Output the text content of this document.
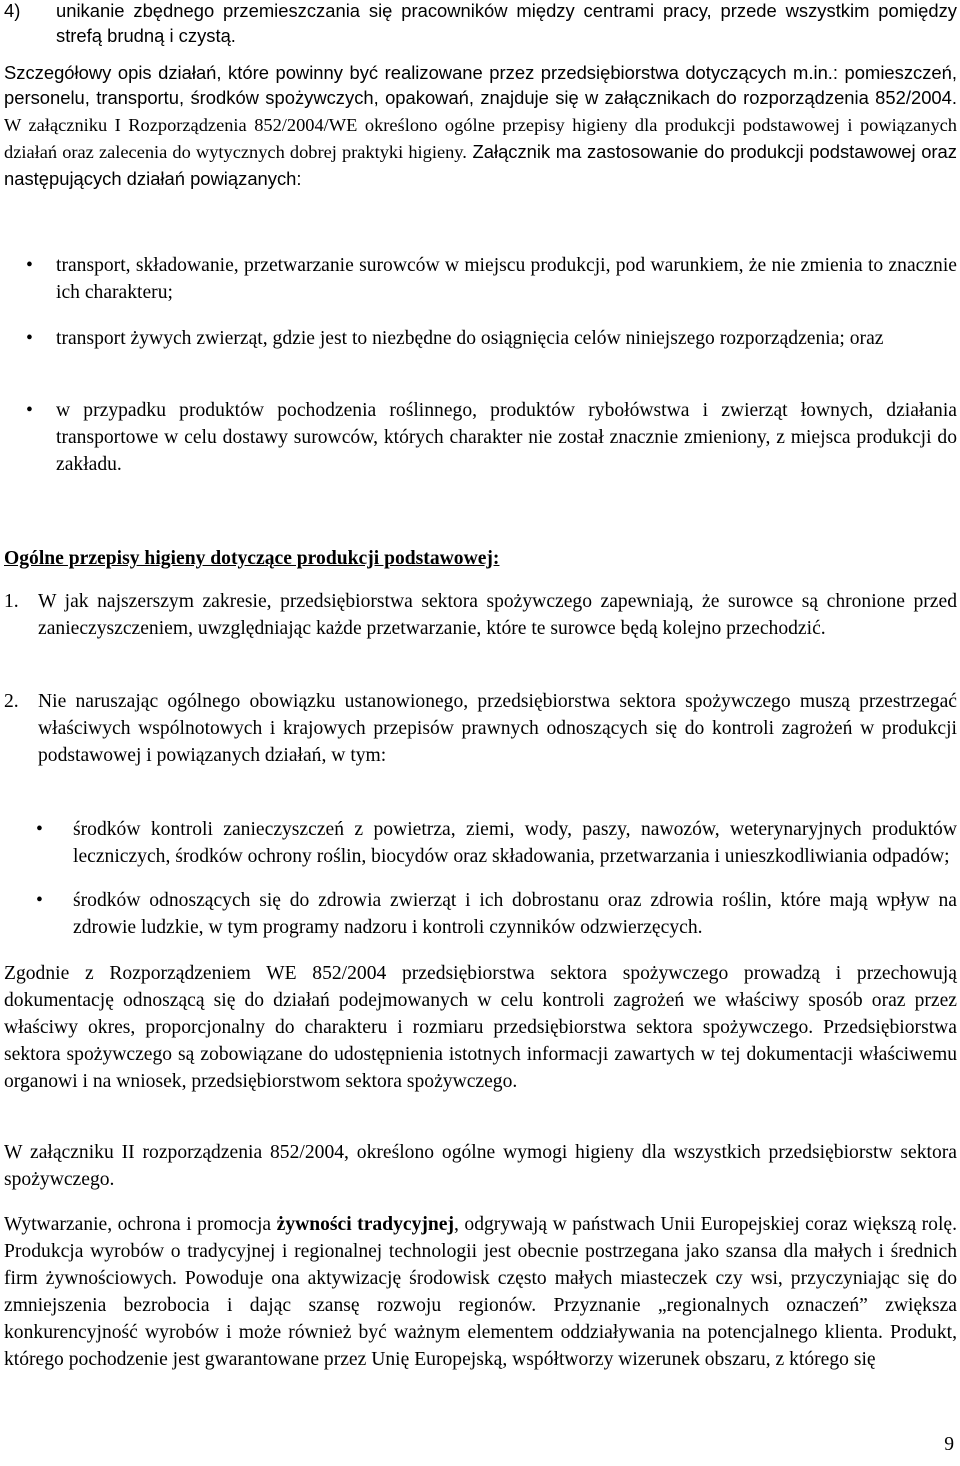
4)	unikanie zbędnego przemieszczania się pracowników między centrami pracy, przede wszystkim pomiędzy strefą brudną i czystą.

Szczegółowy opis działań, które powinny być realizowane przez przedsiębiorstwa dotyczących m.in.: pomieszczeń, personelu, transportu, środków spożywczych, opakowań, znajduje się w załącznikach do rozporządzenia 852/2004. W załączniku I Rozporządzenia 852/2004/WE określono ogólne przepisy higieny dla produkcji podstawowej i powiązanych działań oraz zalecenia do wytycznych dobrej praktyki higieny. Załącznik ma zastosowanie do produkcji podstawowej oraz następujących działań powiązanych:

•	transport, składowanie, przetwarzanie surowców w miejscu produkcji, pod warunkiem, że nie zmienia to znacznie ich charakteru;
•	transport żywych zwierząt, gdzie jest to niezbędne do osiągnięcia celów niniejszego rozporządzenia; oraz
•	w przypadku produktów pochodzenia roślinnego, produktów rybołówstwa i zwierząt łownych, działania transportowe w celu dostawy surowców, których charakter nie został znacznie zmieniony, z miejsca produkcji do zakładu.

Ogólne przepisy higieny dotyczące produkcji podstawowej:

1. W jak najszerszym zakresie, przedsiębiorstwa sektora spożywczego zapewniają, że surowce są chronione przed zanieczyszczeniem, uwzględniając każde przetwarzanie, które te surowce będą kolejno przechodzić.
2. Nie naruszając ogólnego obowiązku ustanowionego, przedsiębiorstwa sektora spożywczego muszą przestrzegać właściwych wspólnotowych i krajowych przepisów prawnych odnoszących się do kontroli zagrożeń w produkcji podstawowej i powiązanych działań, w tym:
•	środków kontroli zanieczyszczeń z powietrza, ziemi, wody, paszy, nawozów, weterynaryjnych produktów leczniczych, środków ochrony roślin, biocydów oraz składowania, przetwarzania i unieszkodliwiania odpadów;
•	środków odnoszących się do zdrowia zwierząt i ich dobrostanu oraz zdrowia roślin, które mają wpływ na zdrowie ludzkie, w tym programy nadzoru i kontroli czynników odzwierzęcych.

Zgodnie z Rozporządzeniem WE 852/2004 przedsiębiorstwa sektora spożywczego prowadzą i przechowują dokumentację odnoszącą się do działań podejmowanych w celu kontroli zagrożeń we właściwy sposób oraz przez właściwy okres, proporcjonalny do charakteru i rozmiaru przedsiębiorstwa sektora spożywczego. Przedsiębiorstwa sektora spożywczego są zobowiązane do udostępnienia istotnych informacji zawartych w tej dokumentacji właściwemu organowi i na wniosek, przedsiębiorstwom sektora spożywczego.

W załączniku II rozporządzenia 852/2004, określono ogólne wymogi higieny dla wszystkich przedsiębiorstw sektora spożywczego.

Wytwarzanie, ochrona i promocja żywności tradycyjnej, odgrywają w państwach Unii Europejskiej coraz większą rolę. Produkcja wyrobów o tradycyjnej i regionalnej technologii jest obecnie postrzegana jako szansa dla małych i średnich firm żywnościowych. Powoduje ona aktywizację środowisk często małych miasteczek czy wsi, przyczyniając się do zmniejszenia bezrobocia i dając szansę rozwoju regionów. Przyznanie „regionalnych oznaczeń” zwiększa konkurencyjność wyrobów i może również być ważnym elementem oddziaływania na potencjalnego klienta. Produkt, którego pochodzenie jest gwarantowane przez Unię Europejską, współtworzy wizerunek obszaru, z którego się

9
